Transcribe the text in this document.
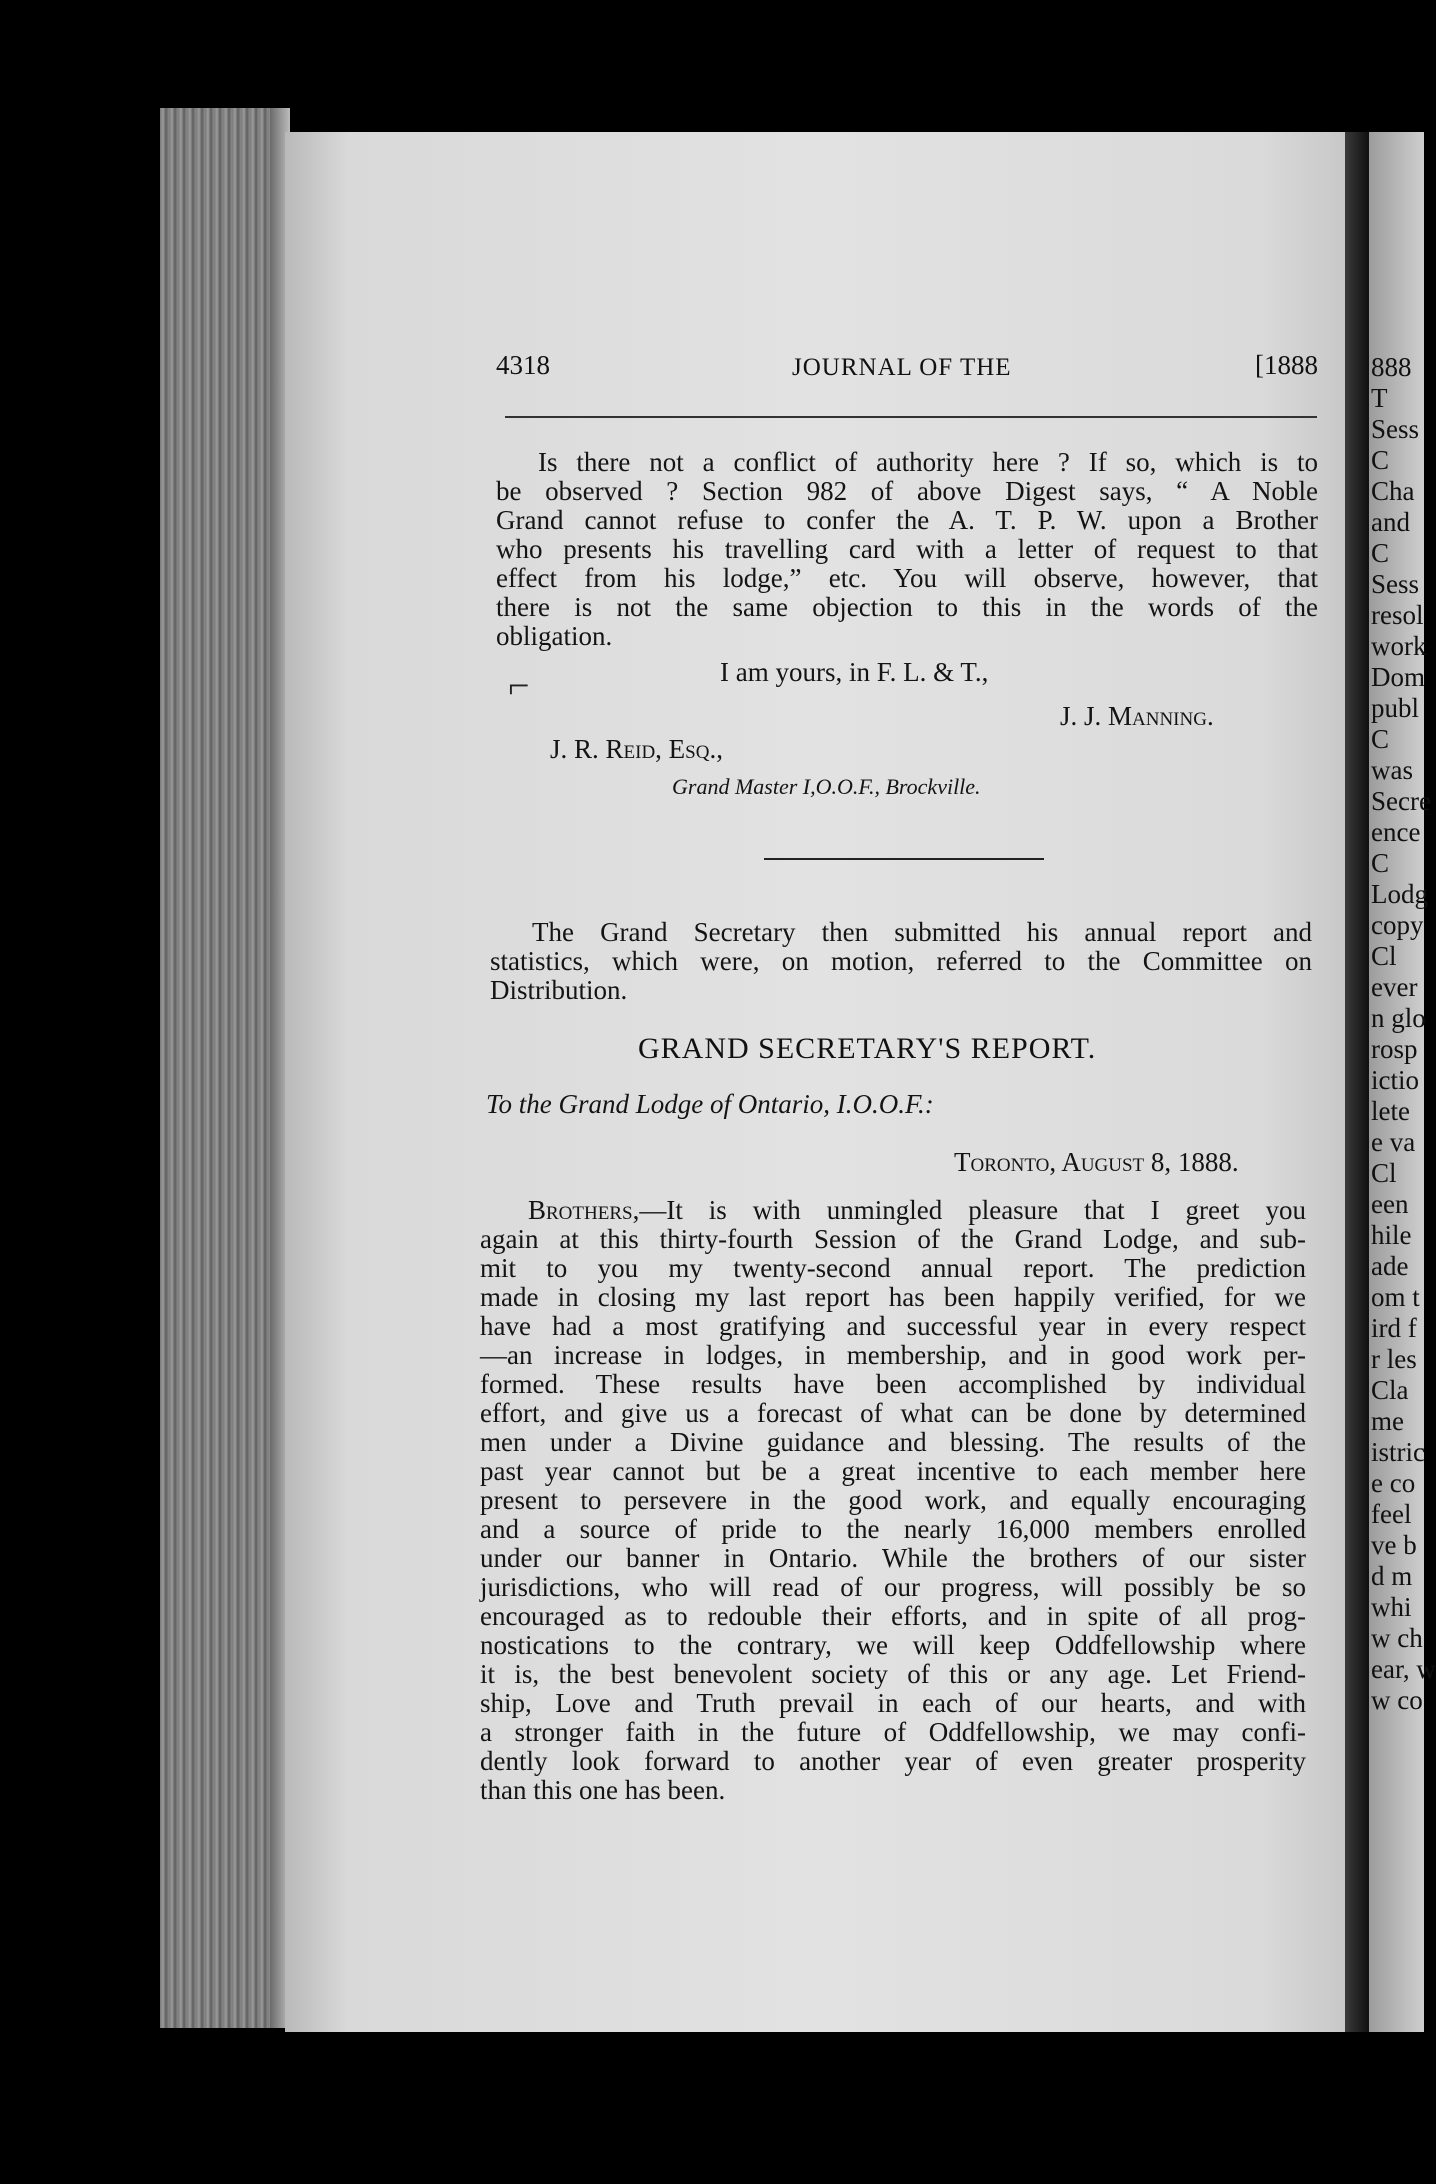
888
T
Sess
C
Cha
and
C
Sess
resol
work
Dom
publ
C
was
Secre
ence
C
Lodg
copy
Cl
ever
n glo
rosp
ictio
lete
e va
Cl
een
hile
ade
om t
ird f
r les
Cla
me
istric
e co
feel
ve b
d m
whi
w ch
ear, w
w co
4318	JOURNAL OF THE	[1888
Is there not a conflict of authority here ? If so, which is to
be observed ? Section 982 of above Digest says, “ A Noble
Grand cannot refuse to confer the A. T. P. W. upon a Brother
who presents his travelling card with a letter of request to that
effect from his lodge,” etc. You will observe, however, that
there is not the same objection to this in the words of the
obligation.
⌐	I am yours, in F. L. & T.,
J. J. Manning.
J. R. Reid, Esq.,
Grand Master I,O.O.F., Brockville.
The Grand Secretary then submitted his annual report and
statistics, which were, on motion, referred to the Committee on
Distribution.
GRAND SECRETARY'S REPORT.
To the Grand Lodge of Ontario, I.O.O.F.:
Toronto, August 8, 1888.
Brothers,—It is with unmingled pleasure that I greet you
again at this thirty-fourth Session of the Grand Lodge, and sub-
mit to you my twenty-second annual report. The prediction
made in closing my last report has been happily verified, for we
have had a most gratifying and successful year in every respect
—an increase in lodges, in membership, and in good work per-
formed. These results have been accomplished by individual
effort, and give us a forecast of what can be done by determined
men under a Divine guidance and blessing. The results of the
past year cannot but be a great incentive to each member here
present to persevere in the good work, and equally encouraging
and a source of pride to the nearly 16,000 members enrolled
under our banner in Ontario. While the brothers of our sister
jurisdictions, who will read of our progress, will possibly be so
encouraged as to redouble their efforts, and in spite of all prog-
nostications to the contrary, we will keep Oddfellowship where
it is, the best benevolent society of this or any age. Let Friend-
ship, Love and Truth prevail in each of our hearts, and with
a stronger faith in the future of Oddfellowship, we may confi-
dently look forward to another year of even greater prosperity
than this one has been.
